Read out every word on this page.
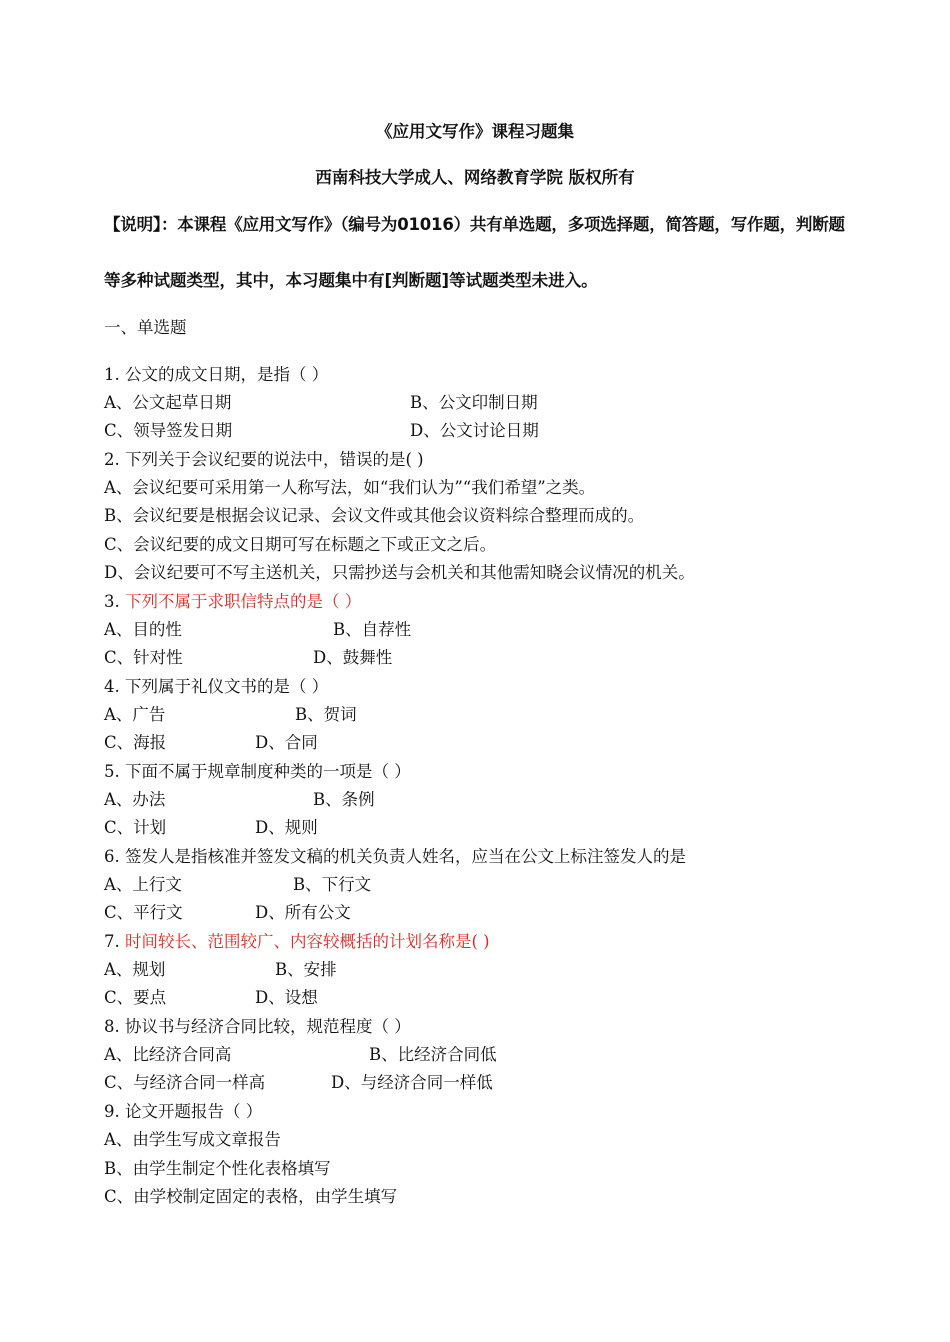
《应用文写作》课程习题集
西南科技大学成人、网络教育学院 版权所有
【说明】：本课程《应用文写作》（编号为01016）共有单选题，多项选择题，简答题，写作题，判断题
等多种试题类型，其中，本习题集中有[判断题]等试题类型未进入。
一、单选题
1. 公文的成文日期，是指（ ）
A、公文起草日期	B、公文印制日期
C、领导签发日期	D、公文讨论日期
2. 下列关于会议纪要的说法中，错误的是( )
A、会议纪要可采用第一人称写法，如“我们认为”“我们希望”之类。
B、会议纪要是根据会议记录、会议文件或其他会议资料综合整理而成的。
C、会议纪要的成文日期可写在标题之下或正文之后。
D、会议纪要可不写主送机关，只需抄送与会机关和其他需知晓会议情况的机关。
3. 下列不属于求职信特点的是（ ）
A、目的性	B、自荐性
C、针对性	D、鼓舞性
4. 下列属于礼仪文书的是（ ）
A、广告	B、贺词
C、海报	D、合同
5. 下面不属于规章制度种类的一项是（ ）
A、办法	B、条例
C、计划	D、规则
6. 签发人是指核准并签发文稿的机关负责人姓名，应当在公文上标注签发人的是
A、上行文	B、下行文
C、平行文	D、所有公文
7. 时间较长、范围较广、内容较概括的计划名称是( )
A、规划	B、安排
C、要点	D、设想
8. 协议书与经济合同比较，规范程度（ ）
A、比经济合同高	B、比经济合同低
C、与经济合同一样高	D、与经济合同一样低
9. 论文开题报告（ ）
A、由学生写成文章报告
B、由学生制定个性化表格填写
C、由学校制定固定的表格，由学生填写
